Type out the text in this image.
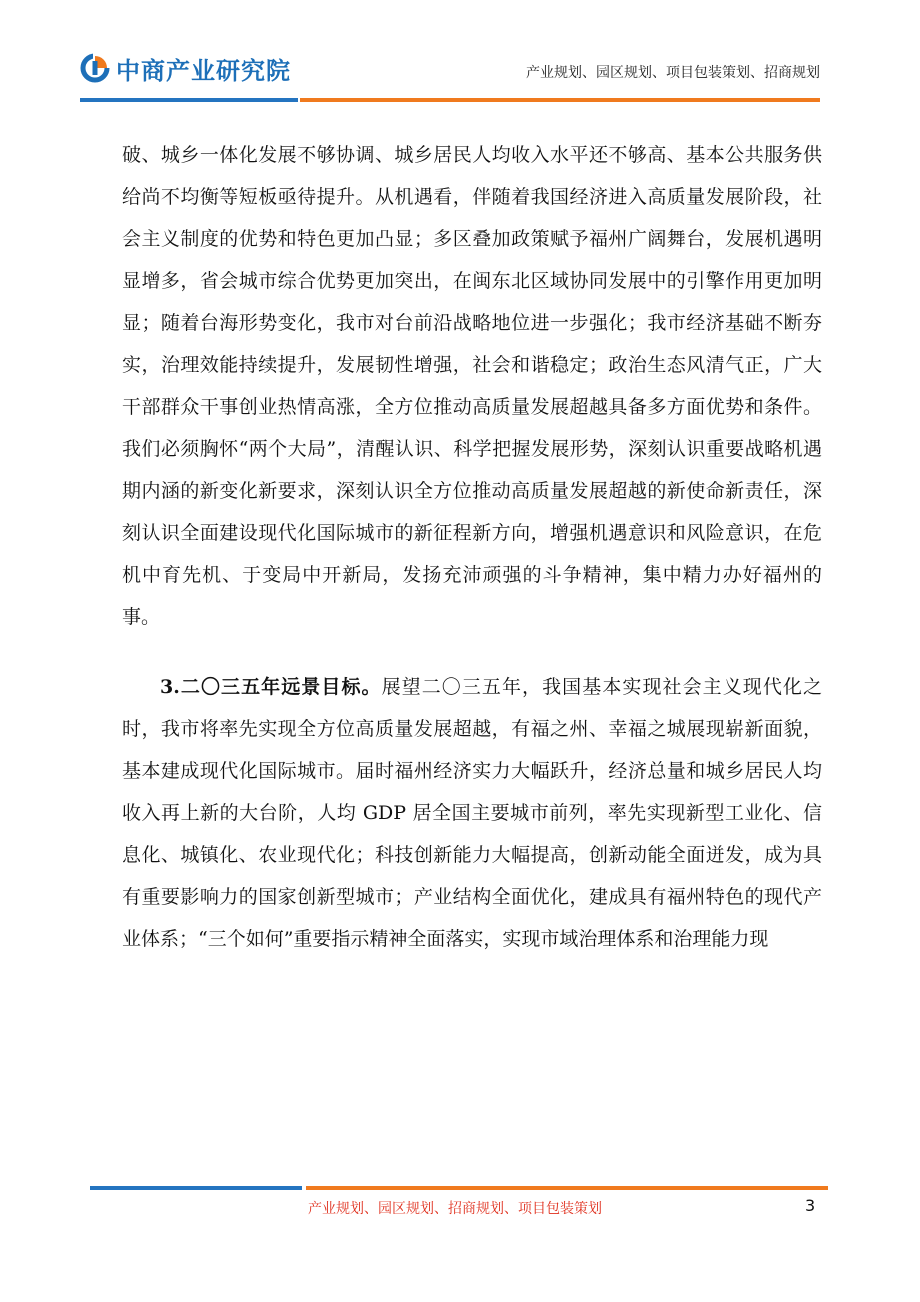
中商产业研究院	产业规划、园区规划、项目包装策划、招商规划

破、城乡一体化发展不够协调、城乡居民人均收入水平还不够高、基本公共服务供给尚不均衡等短板亟待提升。从机遇看，伴随着我国经济进入高质量发展阶段，社会主义制度的优势和特色更加凸显；多区叠加政策赋予福州广阔舞台，发展机遇明显增多，省会城市综合优势更加突出，在闽东北区域协同发展中的引擎作用更加明显；随着台海形势变化，我市对台前沿战略地位进一步强化；我市经济基础不断夯实，治理效能持续提升，发展韧性增强，社会和谐稳定；政治生态风清气正，广大干部群众干事创业热情高涨，全方位推动高质量发展超越具备多方面优势和条件。我们必须胸怀“两个大局”，清醒认识、科学把握发展形势，深刻认识重要战略机遇期内涵的新变化新要求，深刻认识全方位推动高质量发展超越的新使命新责任，深刻认识全面建设现代化国际城市的新征程新方向，增强机遇意识和风险意识，在危机中育先机、于变局中开新局，发扬充沛顽强的斗争精神，集中精力办好福州的事。

3.二〇三五年远景目标。展望二〇三五年，我国基本实现社会主义现代化之时，我市将率先实现全方位高质量发展超越，有福之州、幸福之城展现崭新面貌，基本建成现代化国际城市。届时福州经济实力大幅跃升，经济总量和城乡居民人均收入再上新的大台阶，人均 GDP 居全国主要城市前列，率先实现新型工业化、信息化、城镇化、农业现代化；科技创新能力大幅提高，创新动能全面迸发，成为具有重要影响力的国家创新型城市；产业结构全面优化，建成具有福州特色的现代产业体系；“三个如何”重要指示精神全面落实，实现市域治理体系和治理能力现

产业规划、园区规划、招商规划、项目包装策划	3
